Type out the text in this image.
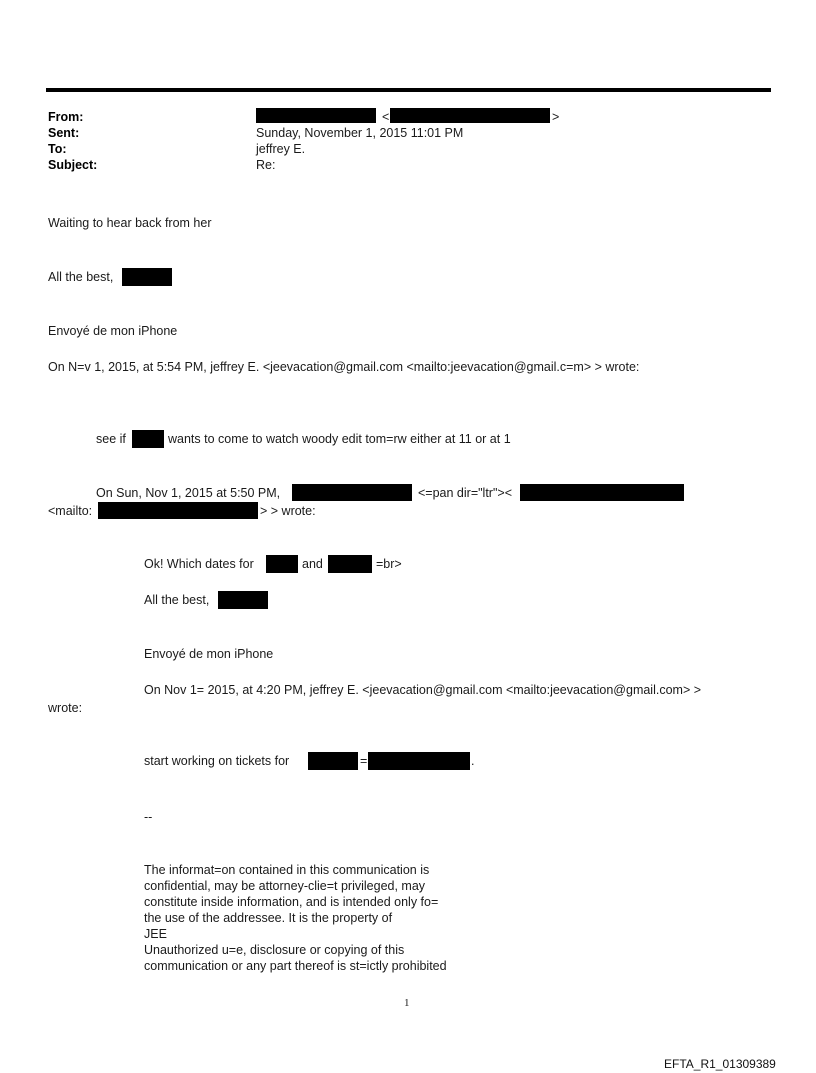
From:	<	>
Sent:	Sunday, November 1, 2015 11:01 PM
To:	jeffrey E.
Subject:	Re:
Waiting to hear back from her
All the best,
Envoyé de mon iPhone
On N=v 1, 2015, at 5:54 PM, jeffrey E. <jeevacation@gmail.com <mailto:jeevacation@gmail.c=m> > wrote:
see if	wants to come to watch woody edit tom=rw either at 11 or at 1
On Sun, Nov 1, 2015 at 5:50 PM,	<=pan dir="ltr"><
<mailto:	> > wrote:
Ok! Which dates for	and	=br>
All the best,
Envoyé de mon iPhone
On Nov 1= 2015, at 4:20 PM, jeffrey E. <jeevacation@gmail.com <mailto:jeevacation@gmail.com> >
wrote:
start working on tickets for	=	.
--
The informat=on contained in this communication is
confidential, may be attorney-clie=t privileged, may
constitute inside information, and is intended only fo=
the use of the addressee. It is the property of
JEE
Unauthorized u=e, disclosure or copying of this
communication or any part thereof is st=ictly prohibited
1
EFTA_R1_01309389
